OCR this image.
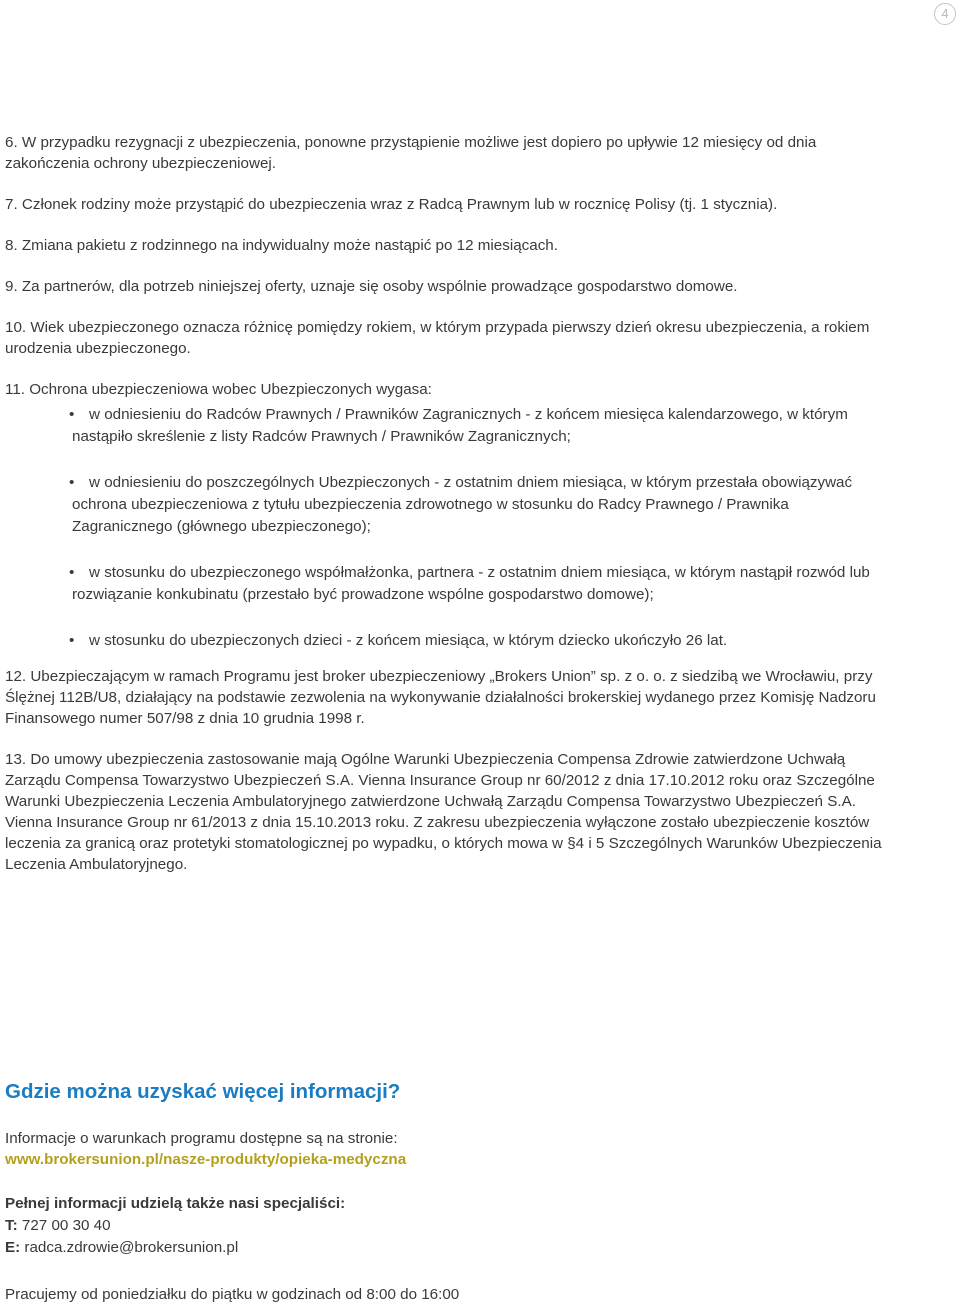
4

6. W przypadku rezygnacji z ubezpieczenia, ponowne przystąpienie możliwe jest dopiero po upływie 12 miesięcy od dnia zakończenia ochrony ubezpieczeniowej.

7. Członek rodziny może przystąpić do ubezpieczenia wraz z Radcą Prawnym lub w rocznicę Polisy (tj. 1 stycznia).

8. Zmiana pakietu z rodzinnego na indywidualny może nastąpić po 12 miesiącach.

9. Za partnerów, dla potrzeb niniejszej oferty, uznaje się osoby wspólnie prowadzące gospodarstwo domowe.

10. Wiek ubezpieczonego oznacza różnicę pomiędzy rokiem, w którym przypada pierwszy dzień okresu ubezpieczenia, a rokiem urodzenia ubezpieczonego.

11. Ochrona ubezpieczeniowa wobec Ubezpieczonych wygasa:

• w odniesieniu do Radców Prawnych / Prawników Zagranicznych - z końcem miesięca kalendarzowego, w którym nastąpiło skreślenie z listy Radców Prawnych / Prawników Zagranicznych;
• w odniesieniu do poszczególnych Ubezpieczonych - z ostatnim dniem miesiąca, w którym przestała obowiązywać ochrona ubezpieczeniowa z tytułu ubezpieczenia zdrowotnego w stosunku do Radcy Prawnego / Prawnika Zagranicznego (głównego ubezpieczonego);
• w stosunku do ubezpieczonego współmałżonka, partnera - z ostatnim dniem miesiąca, w którym nastąpił rozwód lub rozwiązanie konkubinatu (przestało być prowadzone wspólne gospodarstwo domowe);
• w stosunku do ubezpieczonych dzieci - z końcem miesiąca, w którym dziecko ukończyło 26 lat.

12. Ubezpieczającym w ramach Programu jest broker ubezpieczeniowy „Brokers Union” sp. z o. o. z siedzibą we Wrocławiu, przy Ślężnej 112B/U8, działający na podstawie zezwolenia na wykonywanie działalności brokerskiej wydanego przez Komisję Nadzoru Finansowego numer 507/98 z dnia 10 grudnia 1998 r.

13. Do umowy ubezpieczenia zastosowanie mają Ogólne Warunki Ubezpieczenia Compensa Zdrowie zatwierdzone Uchwałą Zarządu Compensa Towarzystwo Ubezpieczeń S.A. Vienna Insurance Group nr 60/2012 z dnia 17.10.2012 roku oraz Szczególne Warunki Ubezpieczenia Leczenia Ambulatoryjnego zatwierdzone Uchwałą Zarządu Compensa Towarzystwo Ubezpieczeń S.A. Vienna Insurance Group nr 61/2013 z dnia 15.10.2013 roku. Z zakresu ubezpieczenia wyłączone zostało ubezpieczenie kosztów leczenia za granicą oraz protetyki stomatologicznej po wypadku, o których mowa w §4 i 5 Szczególnych Warunków Ubezpieczenia Leczenia Ambulatoryjnego.

Gdzie można uzyskać więcej informacji?

Informacje o warunkach programu dostępne są na stronie:

www.brokersunion.pl/nasze-produkty/opieka-medyczna

Pełnej informacji udzielą także nasi specjaliści:

T: 727 00 30 40

E: radca.zdrowie@brokersunion.pl

Pracujemy od poniedziałku do piątku w godzinach od 8:00 do 16:00
